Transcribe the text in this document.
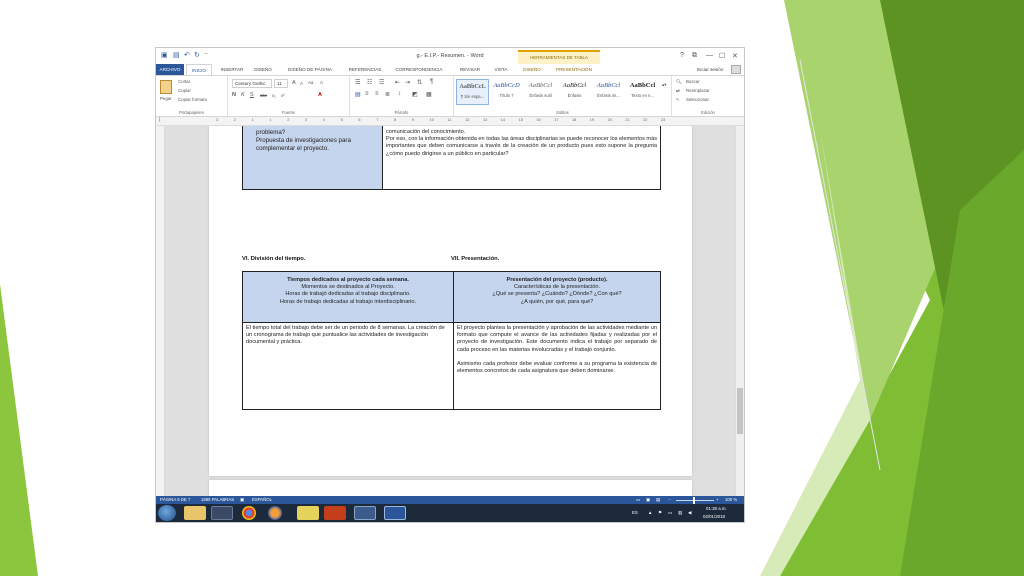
▣ ▤ ↶ ↻ ⁼	g.- E.I.P.- Resumen. - Word	HERRAMIENTAS DE TABLA	? ⧉ — ☐ ✕
ARCHIVO	INICIO	INSERTAR	DISEÑO	DISEÑO DE PÁGINA	REFERENCIAS	CORRESPONDENCIA	REVISAR	VISTA	DISEÑO	PRESENTACIÓN	Iniciar sesión
Pegar
Cortar
Copiar
Copiar formato
Portapapeles
Century Gothic	11	A A Aa A
N K S abc x₂ x²	A
Fuente
☰ ☷ ☲ ⇤ ⇥ ⇅ ¶
▤ ≡ ≡ ≣ ↕ ◩ ▦
Párrafo
AaBbCcL
¶ Sin espa...
AaBbCcD
Título 7
AaBbCcl
Énfasis sutil
AaBbCcl
Énfasis
AaBbCcl
Énfasis int...
AaBbCcl
Texto en n...
▴▾
Estilos
🔍︎ Buscar
⇄ Reemplazar
↖ Seleccionar
Edición
⌊	3	2	1	1	2	3	4	5	6	7	8	9	10	11	12	13	14	15	16	17	18	19	20	21	22	23
problema?
Propuesta de investigaciones para complementar el proyecto.
comunicación del conocimiento.
Por eso, con la información obtenida en todas las áreas disciplinarias se puede reconocer los elementos más importantes que deben comunicarse a través de la creación de un producto pues esto supone la pregunta ¿cómo puedo dirigirse a un público en particular?
VI. División del tiempo.	VII. Presentación.
Tiempos dedicados al proyecto cada semana.
Momentos se destinados al Proyecto.
Horas de trabajó dedicadas al trabajo disciplinario.
Horas de trabajo dedicadas al trabajo interdisciplinario.
Presentación del proyecto (producto).
Características de la presentación.
¿Qué se presenta? ¿Cuándo? ¿Dónde? ¿Con qué?
¿A quién, por qué, para qué?
El tiempo total del trabajo debe ser de un periodo de 8 semanas. La creación de un cronograma de trabajo que puntualice las actividades de investigación documental y práctica.
El proyecto plantea la presentación y aprobación de las actividades mediante un formato que compute el avance de las actividades fijadas y realizadas por el proyecto de investigación. Este documento indica el trabajo por separado de cada proceso en las materias involucradas y el trabajo conjunto.
Asimismo cada profesor debe evaluar conforme a su programa la existencia de elementos concretos de cada asignatura que deben dominarse.
PÁGINA 6 DE 7 1895 PALABRAS ▣ ESPAÑOL	▭ ▣ ▤ −	+ 100 %
ES ▲ ⚑ ▭ ▥ ◀
01:38 a.m.
02/01/2018
